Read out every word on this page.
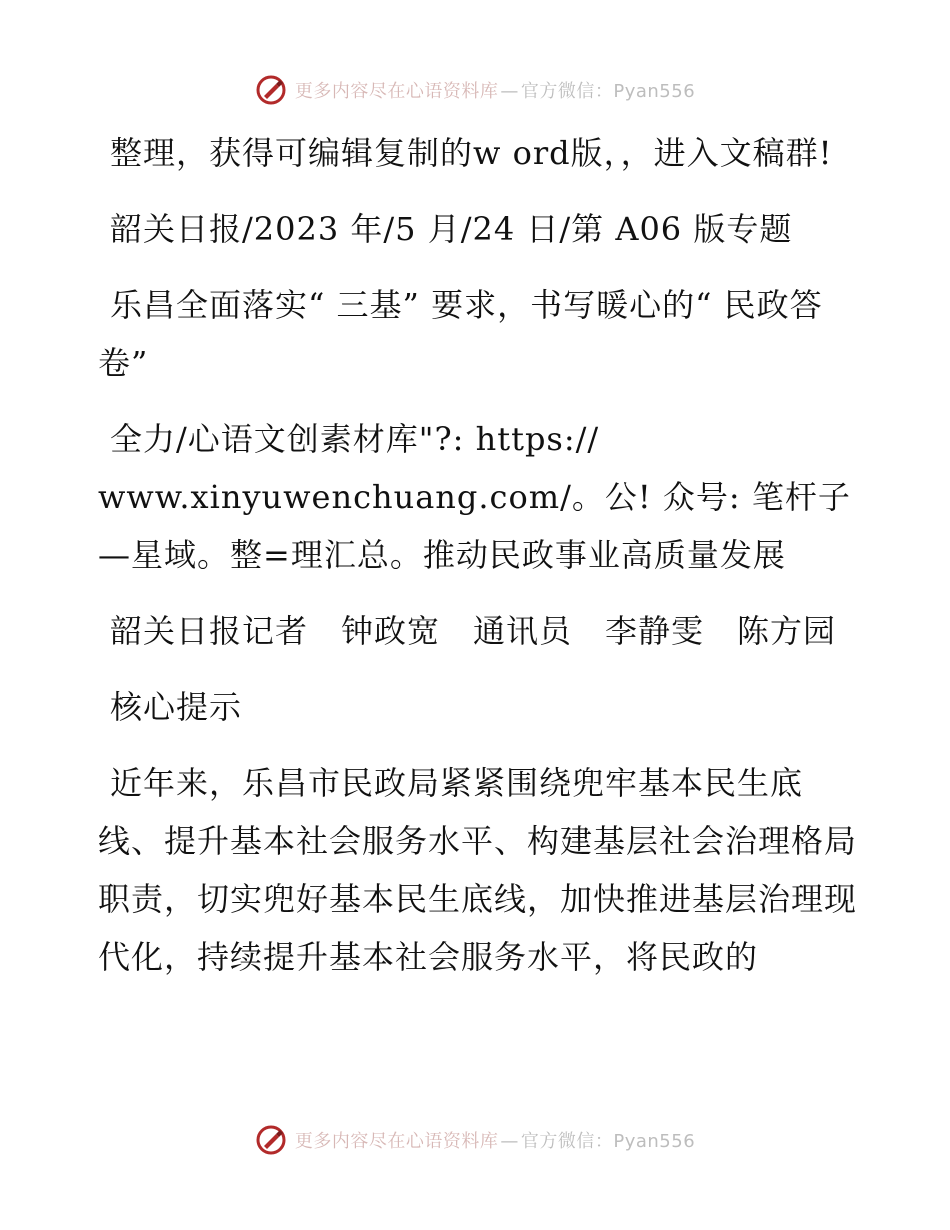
更多内容尽在心语资料库 — 官方微信：Pyan556

整理，获得可编辑复制的w ord版，，进入文稿群!

韶关日报/2023 年/5 月/24 日/第 A06 版专题

乐昌全面落实“ 三基” 要求，书写暖心的“ 民政答卷”

全力/心语文创素材库"?: https:// www.xinyuwenchuang.com/。公! 众号: 笔杆子—星域。整=理汇总。推动民政事业高质量发展

韶关日报记者　钟政宽　通讯员　李静雯　陈方园

核心提示

近年来，乐昌市民政局紧紧围绕兜牢基本民生底线、提升基本社会服务水平、构建基层社会治理格局职责，切实兜好基本民生底线，加快推进基层治理现代化，持续提升基本社会服务水平，将民政的

更多内容尽在心语资料库 — 官方微信：Pyan556
